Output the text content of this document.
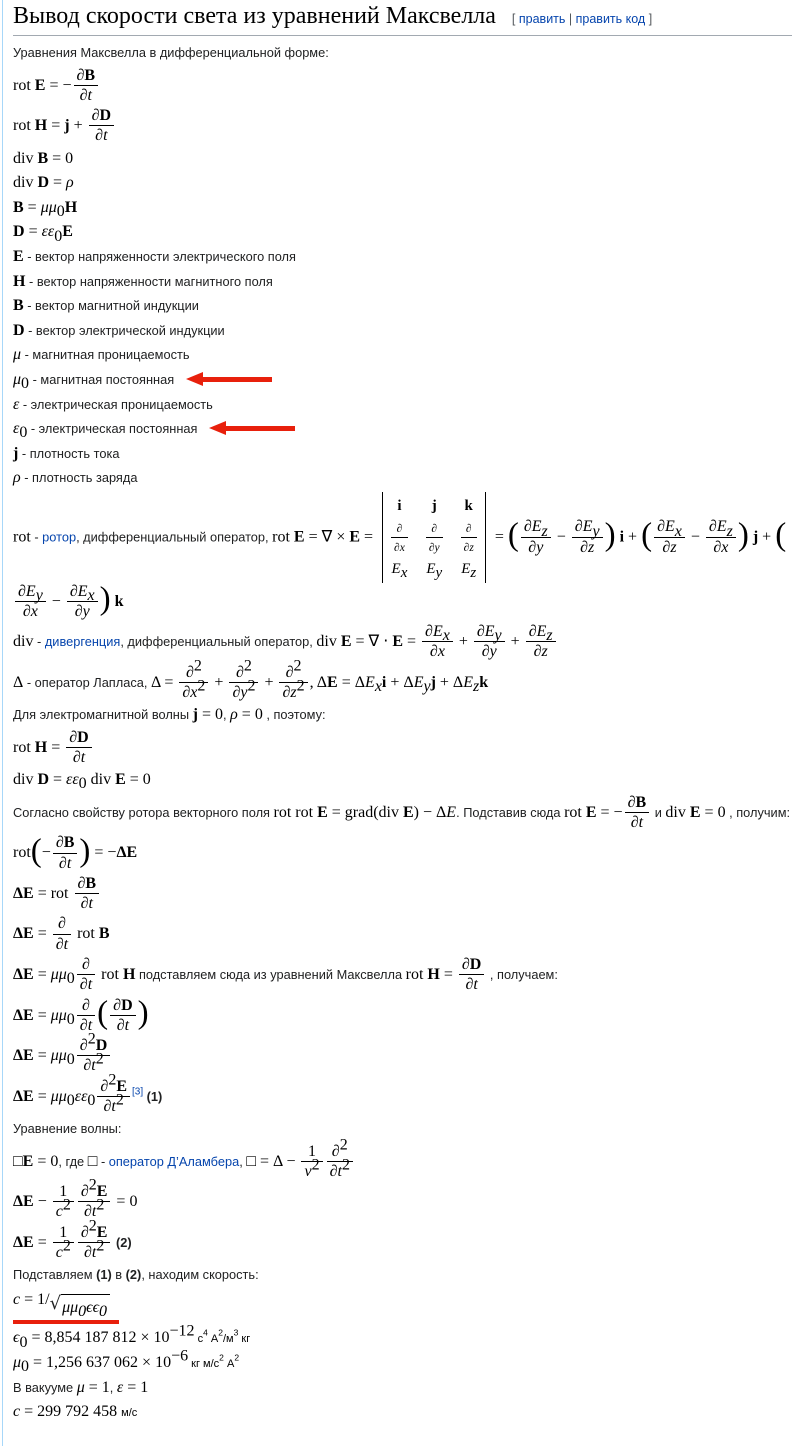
Вывод скорости света из уравнений Максвелла [ править | править код ]
Уравнения Максвелла в дифференциальной форме:
rot E = − $\frac{\partial B}{\partial t}$
rot $H = j + \frac{\partial D}{\partial t}$
div B = 0
div D = ρ
$B = \mu\mu_0H$
$D = \varepsilon\varepsilon_0E$
E - вектор напряженности электрического поля
H - вектор напряженности магнитного поля
B - вектор магнитной индукции
D - вектор электрической индукции
μ - магнитная проницаемость
$\mu_0$ - магнитная постоянная
ε - электрическая проницаемость
$\varepsilon_0$ - электрическая постоянная
j - плотность тока
ρ - плотность заряда
rot - ротор, дифференциальный оператор, rot E = ∇ × E =
i j k
$\frac{\partial}{\partial x} \frac{\partial}{\partial y} \frac{\partial}{\partial z}$
$E_x$ $E_y$ $E_z$
= ( $\frac{\partial E_z}{\partial y} - \frac{\partial E_y}{\partial z}$ ) i + ( $\frac{\partial E_x}{\partial z} - \frac{\partial E_z}{\partial x}$ ) j + (
$\frac{\partial E_y}{\partial x} - \frac{\partial E_x}{\partial y}$ ) k
div - дивергенция, дифференциальный оператор, div E = ∇ ⋅ $E = \frac{\partial E_x}{\partial x} + \frac{\partial E_y}{\partial y} + \frac{\partial E_z}{\partial z}$
Δ - оператор Лапласа, $\Delta = \frac{\partial^2}{\partial x^2} + \frac{\partial^2}{\partial y^2} + \frac{\partial^2}{\partial z^2}$ , $\Delta E = \Delta E_xi + \Delta E_yj + \Delta E_zk$
Для электромагнитной волны j = 0, ρ = 0 , поэтому:
rot $H = \frac{\partial D}{\partial t}$
div $D = \varepsilon\varepsilon_0$ div E = 0
Согласно свойству ротора векторного поля rot rot E = grad(div E) − ΔE. Подставив сюда rot E = − $\frac{\partial B}{\partial t}$ и div E = 0 , получим:
$rot(- \frac{\partial B}{\partial t}$ ) = −ΔE
ΔE = rot $\frac{\partial B}{\partial t}$
$\Delta E = \frac{\partial}{\partial t}$ rot B
$\Delta E = \mu\mu_0 \frac{\partial}{\partial t}$ rot H подставляем сюда из уравнений Максвелла rot $H = \frac{\partial D}{\partial t}$ , получаем:
$\Delta E = \mu\mu_0 \frac{\partial}{\partial t}$ ( $\frac{\partial D}{\partial t}$ )
$\Delta E = \mu\mu_0 \frac{\partial^2D}{\partial t^2}$
$\Delta E = \mu\mu_0\varepsilon\varepsilon_0 \frac{\partial^2E}{\partial t^2} [3]$ (1)
Уравнение волны:
□E = 0, где □ - оператор Д’Аламбера, □ = $\Delta - \frac{1}{v^2} \frac{\partial^2}{\partial t^2}$
$\Delta E - \frac{1}{c^2} \frac{\partial^2E}{\partial t^2} = 0$
$\Delta E = \frac{1}{c^2} \frac{\partial^2E}{\partial t^2} (2)$
Подставляем (1) в (2), находим скорость:
c = 1/ √ $\mu\mu_0\epsilon\epsilon_0$
$\epsilon_0 = 8,854$ 187 $812 \times 10^{-12}$ $с^4$ $А^2/м^3$ кг
$\mu_0 = 1,256$ 637 $062 \times 10^{-6}$ кг $м/с^2$ $А^2$
В вакууме μ = 1, ε = 1
c = 299 792 458 м/с
